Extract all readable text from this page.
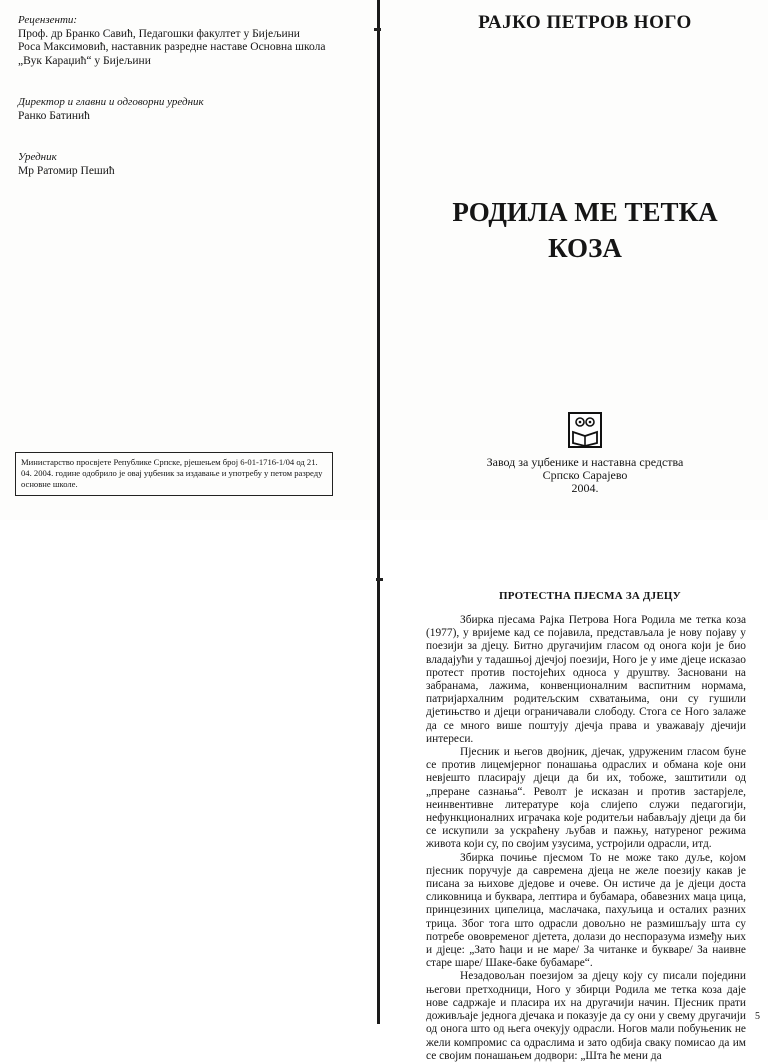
Рецензенти:
Проф. др Бранко Савић, Педагошки факултет у Бијељини
Роса Максимовић, наставник разредне наставе Основна школа
„Вук Караџић“ у Бијељини
Директор и главни и одговорни уредник
Ранко Батинић
Уредник
Мр Ратомир Пешић
Министарство просвјете Републике Српске, рјешењем број 6-01-1716-1/04 од 21. 04. 2004. године одобрило је овај уџбеник за издавање и употребу у петом разреду основне школе.
РАЈКО ПЕТРОВ НОГО
РОДИЛА МЕ ТЕТКА
КОЗА
Завод за уџбенике и наставна средства
Српско Сарајево
2004.
ПРОТЕСТНА ПЈЕСМА ЗА ДЈЕЦУ

Збирка пјесама Рајка Петрова Нога Родила ме тетка коза (1977), у вријеме кад се појавила, представљала је нову појаву у поезији за дјецу. Битно другачијим гласом од онога који је био владајући у тадашњој дјечјој поезији, Ного је у име дјеце исказао протест против постојећих односа у друштву. Засновани на забранама, лажима, конвенционалним васпитним нормама, патријархалним родитељским схватањима, они су гушили дјетињство и дјеци ограничавали слободу. Стога се Ного залаже да се много више поштују дјечја права и уважавају дјечији интереси.

Пјесник и његов двојник, дјечак, удруженим гласом буне се против лицемјерног понашања одраслих и обмана које они невјешто пласирају дјеци да би их, тобоже, заштитили од „преране сазнања“. Револт је исказан и против застарјеле, неинвентивне литературе која слијепо служи педагогији, нефункционалних играчака које родитељи набављају дјеци да би се искупили за ускраћену љубав и пажњу, натуреног режима живота који су, по својим узусима, устројили одрасли, итд.

Збирка почиње пјесмом То не може тако дуље, којом пјесник поручује да савремена дјеца не желе поезију какав је писана за њихове дједове и очеве. Он истиче да је дјеци доста сликовница и буквара, лептира и бубамара, обавезних маца цица, принцезиних ципелица, маслачака, пахуљица и осталих разних трица. Због тога што одрасли довољно не размишљају шта су потребе ововременог дјетета, долази до неспоразума између њих и дјеце: „Зато ћаци и не маре/ За читанке и букваре/ За наивне старе шаре/ Шаке-баке бубамаре“.

Незадовољан поезијом за дјецу коју су писали поједини његови претходници, Ного у збирци Родила ме тетка коза даје нове садржаје и пласира их на другачији начин. Пјесник прати доживљаје једнога дјечака и показује да су они у свему другачији од онога што од њега очекују одрасли. Ногов мали побуњеник не жели компромис са одраслима и зато одбија сваку помисао да им се својим понашањем додвори: „Шта ће мени да

5
